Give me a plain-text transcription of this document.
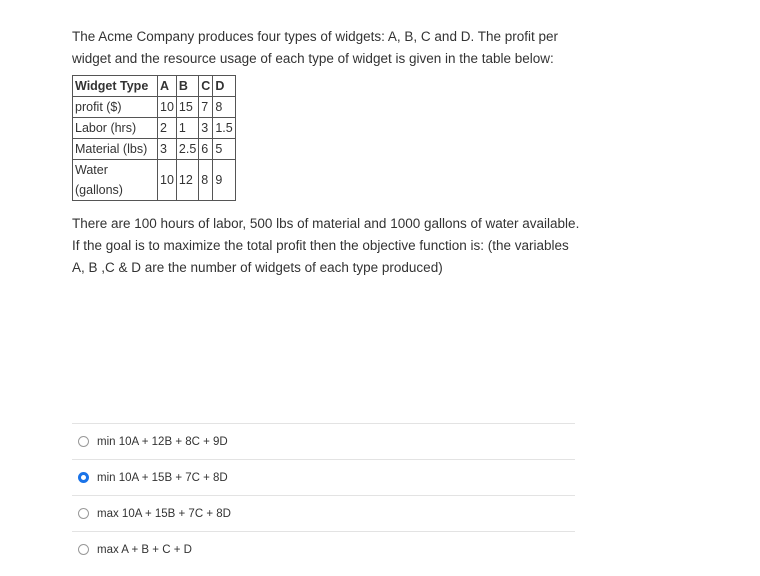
The Acme Company produces four types of widgets: A, B, C and D. The profit per widget and the resource usage of each type of widget is given in the table below:

Widget Type	A	B	C	D
profit ($)	10	15	7	8
Labor (hrs)	2	1	3	1.5
Material (lbs)	3	2.5	6	5
Water (gallons)	10	12	8	9

There are 100 hours of labor, 500 lbs of material and 1000 gallons of water available. If the goal is to maximize the total profit then the objective function is: (the variables A, B ,C & D are the number of widgets of each type produced)

min 10A + 12B + 8C + 9D
min 10A + 15B + 7C + 8D
max 10A + 15B + 7C + 8D
max A + B + C + D
